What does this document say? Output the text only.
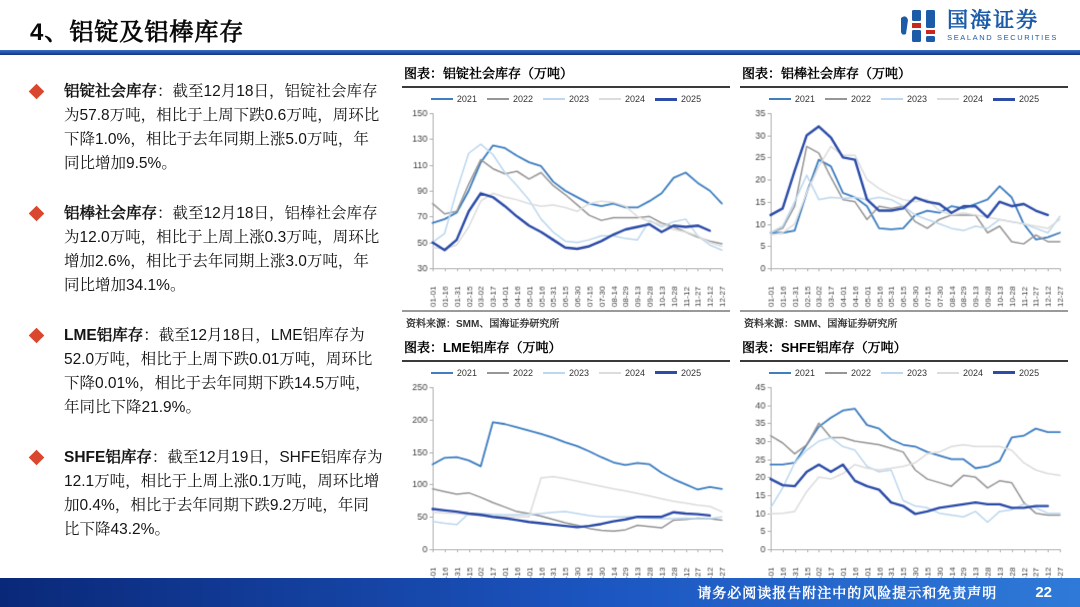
4、铝锭及铝棒库存	国海证券
SEALAND SECURITIES
铝锭社会库存：截至12月18日，铝锭社会库存为57.8万吨，相比于上周下跌0.6万吨，周环比下降1.0%，相比于去年同期上涨5.0万吨，年同比增加9.5%。
铝棒社会库存：截至12月18日，铝棒社会库存为12.0万吨，相比于上周上涨0.3万吨，周环比增加2.6%，相比于去年同期上涨3.0万吨，年同比增加34.1%。
LME铝库存：截至12月18日，LME铝库存为52.0万吨，相比于上周下跌0.01万吨，周环比下降0.01%，相比于去年同期下跌14.5万吨，年同比下降21.9%。
SHFE铝库存：截至12月19日，SHFE铝库存为12.1万吨，相比于上周上涨0.1万吨，周环比增加0.4%，相比于去年同期下跌9.2万吨，年同比下降43.2%。
图表：铝锭社会库存（万吨）
2021	2022	2023	2024	2025
资料来源：SMM、国海证券研究所
图表：铝棒社会库存（万吨）
2021	2022	2023	2024	2025
资料来源：SMM、国海证券研究所
图表：LME铝库存（万吨）
2021	2022	2023	2024	2025
图表：SHFE铝库存（万吨）
2021	2022	2023	2024	2025
请务必阅读报告附注中的风险提示和免责声明	22
